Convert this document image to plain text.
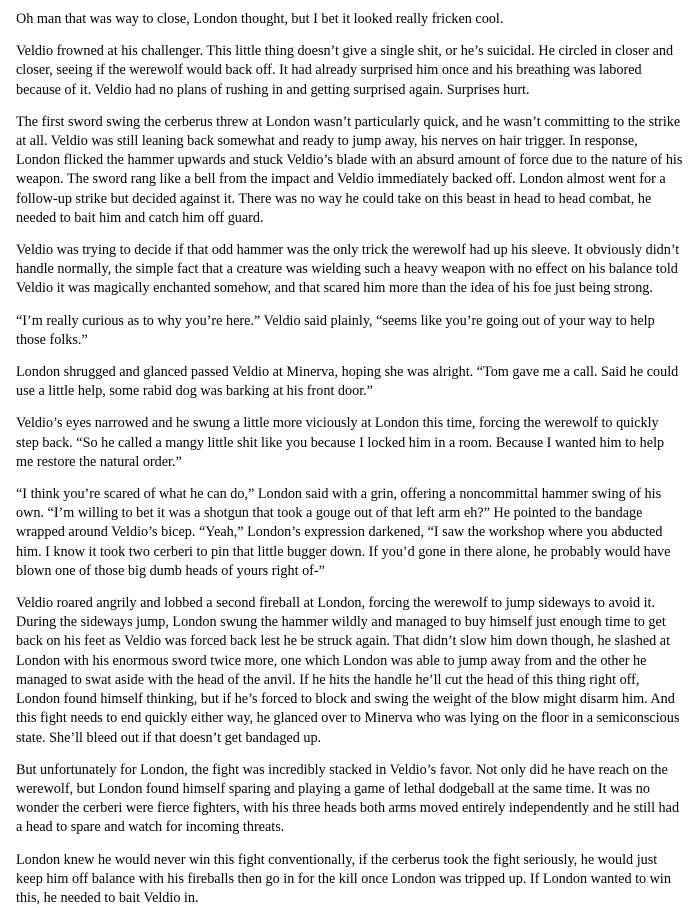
Oh man that was way to close, London thought, but I bet it looked really fricken cool.

Veldio frowned at his challenger. This little thing doesn’t give a single shit, or he’s suicidal. He circled in closer and closer, seeing if the werewolf would back off. It had already surprised him once and his breathing was labored because of it. Veldio had no plans of rushing in and getting surprised again. Surprises hurt.

The first sword swing the cerberus threw at London wasn’t particularly quick, and he wasn’t committing to the strike at all. Veldio was still leaning back somewhat and ready to jump away, his nerves on hair trigger. In response, London flicked the hammer upwards and stuck Veldio’s blade with an absurd amount of force due to the nature of his weapon. The sword rang like a bell from the impact and Veldio immediately backed off. London almost went for a follow-up strike but decided against it. There was no way he could take on this beast in head to head combat, he needed to bait him and catch him off guard.

Veldio was trying to decide if that odd hammer was the only trick the werewolf had up his sleeve. It obviously didn’t handle normally, the simple fact that a creature was wielding such a heavy weapon with no effect on his balance told Veldio it was magically enchanted somehow, and that scared him more than the idea of his foe just being strong.

“I’m really curious as to why you’re here.” Veldio said plainly, “seems like you’re going out of your way to help those folks.”

London shrugged and glanced passed Veldio at Minerva, hoping she was alright. “Tom gave me a call. Said he could use a little help, some rabid dog was barking at his front door.”

Veldio’s eyes narrowed and he swung a little more viciously at London this time, forcing the werewolf to quickly step back. “So he called a mangy little shit like you because I locked him in a room. Because I wanted him to help me restore the natural order.”

“I think you’re scared of what he can do,” London said with a grin, offering a noncommittal hammer swing of his own. “I’m willing to bet it was a shotgun that took a gouge out of that left arm eh?” He pointed to the bandage wrapped around Veldio’s bicep. “Yeah,” London’s expression darkened, “I saw the workshop where you abducted him. I know it took two cerberi to pin that little bugger down. If you’d gone in there alone, he probably would have blown one of those big dumb heads of yours right of-”

Veldio roared angrily and lobbed a second fireball at London, forcing the werewolf to jump sideways to avoid it. During the sideways jump, London swung the hammer wildly and managed to buy himself just enough time to get back on his feet as Veldio was forced back lest he be struck again. That didn’t slow him down though, he slashed at London with his enormous sword twice more, one which London was able to jump away from and the other he managed to swat aside with the head of the anvil. If he hits the handle he’ll cut the head of this thing right off, London found himself thinking, but if he’s forced to block and swing the weight of the blow might disarm him. And this fight needs to end quickly either way, he glanced over to Minerva who was lying on the floor in a semiconscious state. She’ll bleed out if that doesn’t get bandaged up.

But unfortunately for London, the fight was incredibly stacked in Veldio’s favor. Not only did he have reach on the werewolf, but London found himself sparing and playing a game of lethal dodgeball at the same time. It was no wonder the cerberi were fierce fighters, with his three heads both arms moved entirely independently and he still had a head to spare and watch for incoming threats.

London knew he would never win this fight conventionally, if the cerberus took the fight seriously, he would just keep him off balance with his fireballs then go in for the kill once London was tripped up. If London wanted to win this, he needed to bait Veldio in.
